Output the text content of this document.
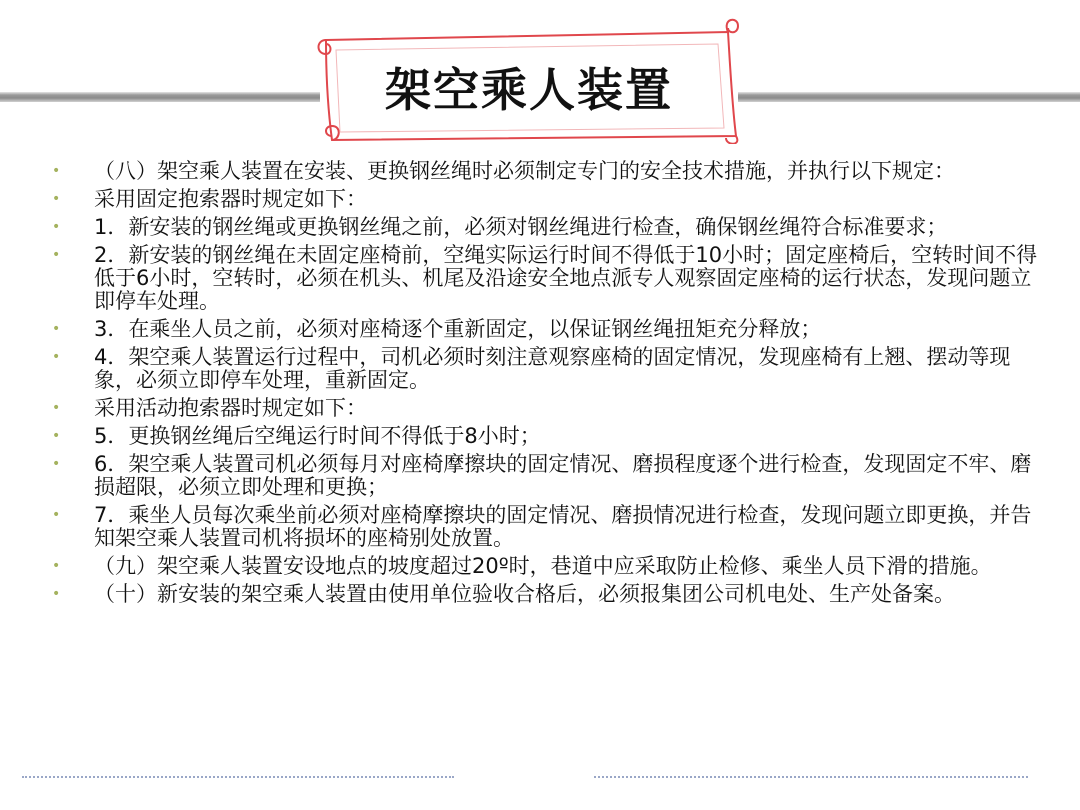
架空乘人装置
• （八）架空乘人装置在安装、更换钢丝绳时必须制定专门的安全技术措施，并执行以下规定：
• 采用固定抱索器时规定如下：
• 1．新安装的钢丝绳或更换钢丝绳之前，必须对钢丝绳进行检查，确保钢丝绳符合标准要求；
• 2．新安装的钢丝绳在未固定座椅前，空绳实际运行时间不得低于10小时；固定座椅后，空转时间不得低于6小时，空转时，必须在机头、机尾及沿途安全地点派专人观察固定座椅的运行状态，发现问题立即停车处理。
• 3．在乘坐人员之前，必须对座椅逐个重新固定，以保证钢丝绳扭矩充分释放；
• 4．架空乘人装置运行过程中，司机必须时刻注意观察座椅的固定情况，发现座椅有上翘、摆动等现象，必须立即停车处理，重新固定。
• 采用活动抱索器时规定如下：
• 5．更换钢丝绳后空绳运行时间不得低于8小时；
• 6．架空乘人装置司机必须每月对座椅摩擦块的固定情况、磨损程度逐个进行检查，发现固定不牢、磨损超限，必须立即处理和更换；
• 7．乘坐人员每次乘坐前必须对座椅摩擦块的固定情况、磨损情况进行检查，发现问题立即更换，并告知架空乘人装置司机将损坏的座椅别处放置。
• （九）架空乘人装置安设地点的坡度超过20º时，巷道中应采取防止检修、乘坐人员下滑的措施。
• （十）新安装的架空乘人装置由使用单位验收合格后，必须报集团公司机电处、生产处备案。
